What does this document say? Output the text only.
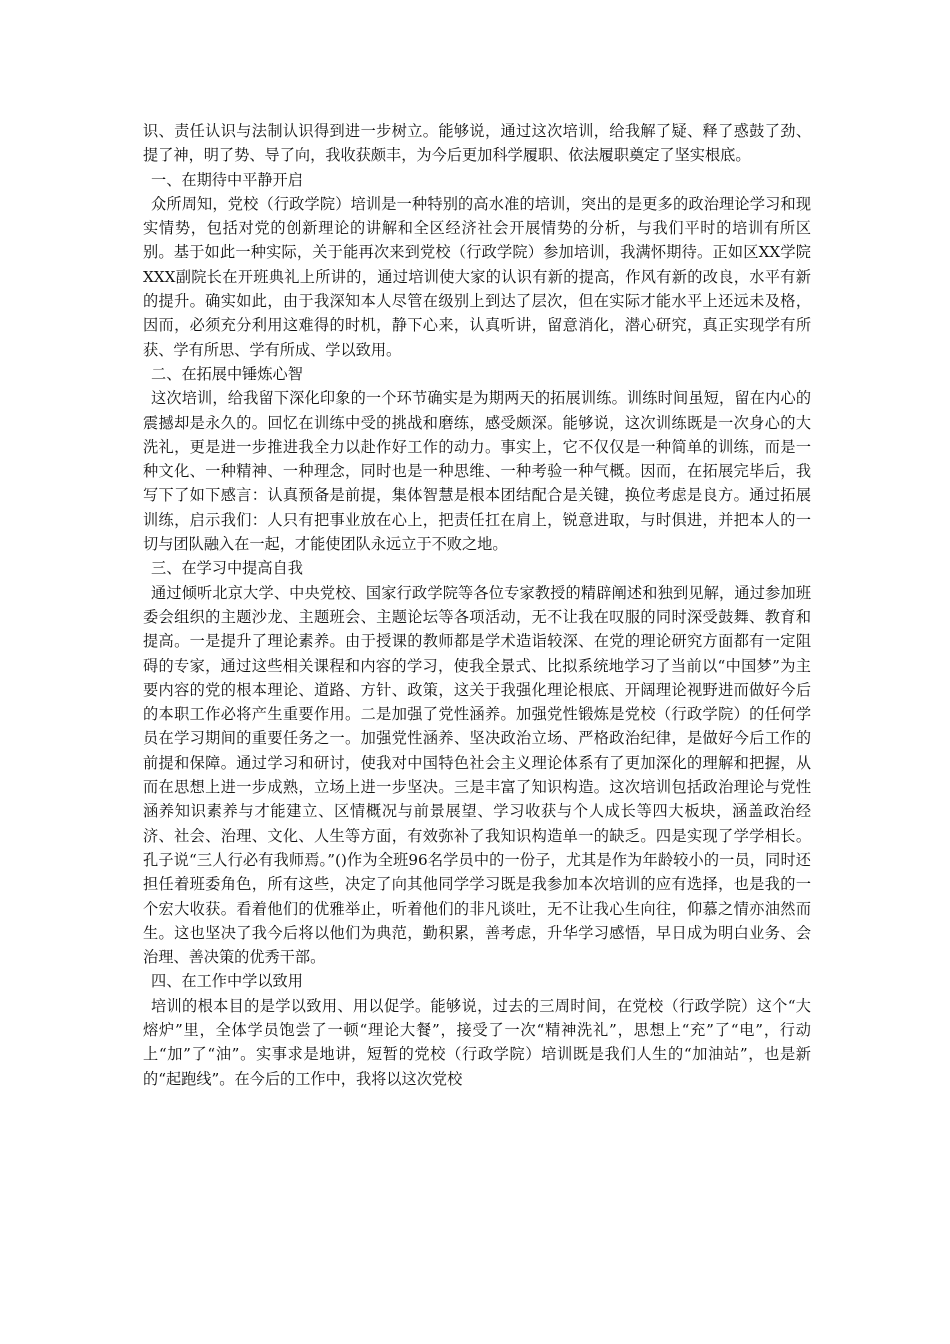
识、责任认识与法制认识得到进一步树立。能够说，通过这次培训，给我解了疑、释了惑鼓了劲、提了神，明了势、导了向，我收获颇丰，为今后更加科学履职、依法履职奠定了坚实根底。

一、在期待中平静开启

众所周知，党校（行政学院）培训是一种特别的高水准的培训，突出的是更多的政治理论学习和现实情势，包括对党的创新理论的讲解和全区经济社会开展情势的分析，与我们平时的培训有所区别。基于如此一种实际，关于能再次来到党校（行政学院）参加培训，我满怀期待。正如区XX学院XXX副院长在开班典礼上所讲的，通过培训使大家的认识有新的提高，作风有新的改良，水平有新的提升。确实如此，由于我深知本人尽管在级别上到达了层次，但在实际才能水平上还远未及格，因而，必须充分利用这难得的时机，静下心来，认真听讲，留意消化，潜心研究，真正实现学有所获、学有所思、学有所成、学以致用。

二、在拓展中锤炼心智

这次培训，给我留下深化印象的一个环节确实是为期两天的拓展训练。训练时间虽短，留在内心的震撼却是永久的。回忆在训练中受的挑战和磨练，感受颇深。能够说，这次训练既是一次身心的大洗礼，更是进一步推进我全力以赴作好工作的动力。事实上，它不仅仅是一种简单的训练，而是一种文化、一种精神、一种理念，同时也是一种思维、一种考验一种气概。因而，在拓展完毕后，我写下了如下感言：认真预备是前提，集体智慧是根本团结配合是关键，换位考虑是良方。通过拓展训练，启示我们：人只有把事业放在心上，把责任扛在肩上，锐意进取，与时俱进，并把本人的一切与团队融入在一起，才能使团队永远立于不败之地。

三、在学习中提高自我

通过倾听北京大学、中央党校、国家行政学院等各位专家教授的精辟阐述和独到见解，通过参加班委会组织的主题沙龙、主题班会、主题论坛等各项活动，无不让我在叹服的同时深受鼓舞、教育和提高。一是提升了理论素养。由于授课的教师都是学术造诣较深、在党的理论研究方面都有一定阻碍的专家，通过这些相关课程和内容的学习，使我全景式、比拟系统地学习了当前以“中国梦”为主要内容的党的根本理论、道路、方针、政策，这关于我强化理论根底、开阔理论视野进而做好今后的本职工作必将产生重要作用。二是加强了党性涵养。加强党性锻炼是党校（行政学院）的任何学员在学习期间的重要任务之一。加强党性涵养、坚决政治立场、严格政治纪律，是做好今后工作的前提和保障。通过学习和研讨，使我对中国特色社会主义理论体系有了更加深化的理解和把握，从而在思想上进一步成熟，立场上进一步坚决。三是丰富了知识构造。这次培训包括政治理论与党性涵养知识素养与才能建立、区情概况与前景展望、学习收获与个人成长等四大板块，涵盖政治经济、社会、治理、文化、人生等方面，有效弥补了我知识构造单一的缺乏。四是实现了学学相长。孔子说“三人行必有我师焉。”()作为全班96名学员中的一份子，尤其是作为年龄较小的一员，同时还担任着班委角色，所有这些，决定了向其他同学学习既是我参加本次培训的应有选择，也是我的一个宏大收获。看着他们的优雅举止，听着他们的非凡谈吐，无不让我心生向往，仰慕之情亦油然而生。这也坚决了我今后将以他们为典范，勤积累，善考虑，升华学习感悟，早日成为明白业务、会治理、善决策的优秀干部。

四、在工作中学以致用

培训的根本目的是学以致用、用以促学。能够说，过去的三周时间，在党校（行政学院）这个“大熔炉”里，全体学员饱尝了一顿“理论大餐”，接受了一次“精神洗礼”，思想上“充”了“电”，行动上“加”了“油”。实事求是地讲，短暂的党校（行政学院）培训既是我们人生的“加油站”，也是新的“起跑线”。在今后的工作中，我将以这次党校
